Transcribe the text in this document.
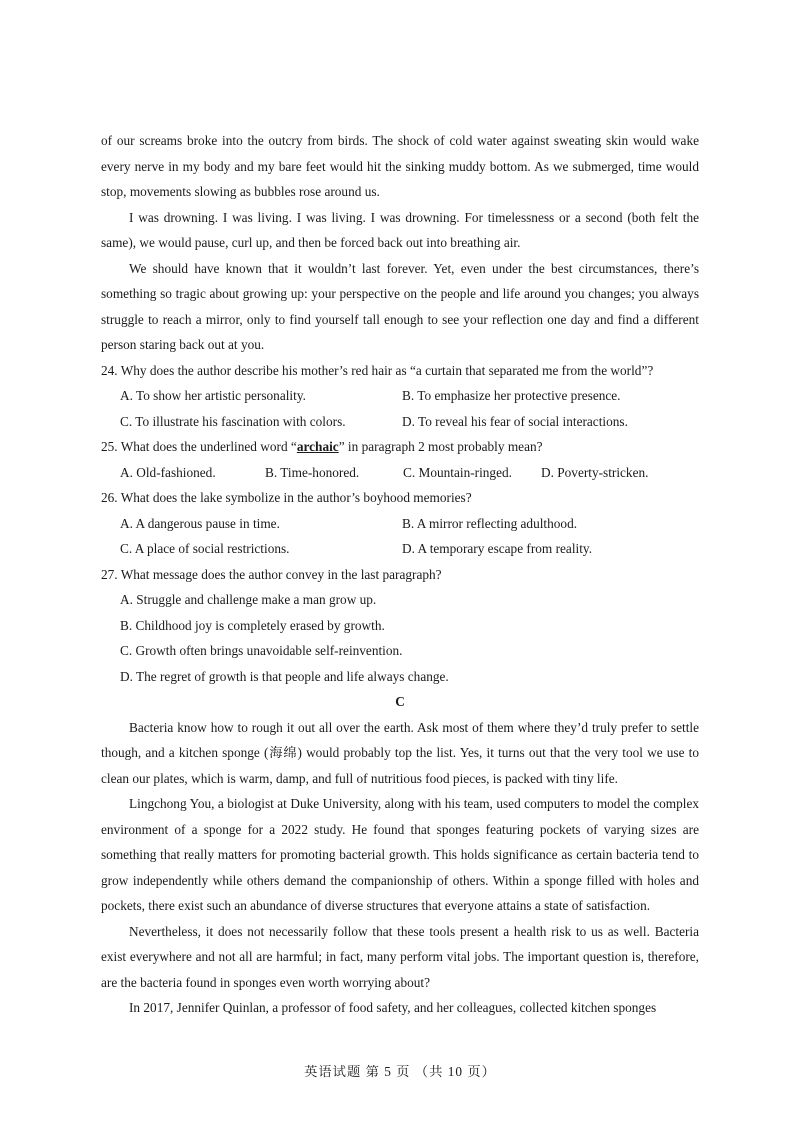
of our screams broke into the outcry from birds. The shock of cold water against sweating skin would wake every nerve in my body and my bare feet would hit the sinking muddy bottom. As we submerged, time would stop, movements slowing as bubbles rose around us.

I was drowning. I was living. I was living. I was drowning. For timelessness or a second (both felt the same), we would pause, curl up, and then be forced back out into breathing air.

We should have known that it wouldn’t last forever. Yet, even under the best circumstances, there’s something so tragic about growing up: your perspective on the people and life around you changes; you always struggle to reach a mirror, only to find yourself tall enough to see your reflection one day and find a different person staring back out at you.

24. Why does the author describe his mother’s red hair as “a curtain that separated me from the world”?
A. To show her artistic personality.	B. To emphasize her protective presence.
C. To illustrate his fascination with colors.	D. To reveal his fear of social interactions.
25. What does the underlined word “archaic” in paragraph 2 most probably mean?
A. Old-fashioned.	B. Time-honored.	C. Mountain-ringed.	D. Poverty-stricken.
26. What does the lake symbolize in the author’s boyhood memories?
A. A dangerous pause in time.	B. A mirror reflecting adulthood.
C. A place of social restrictions.	D. A temporary escape from reality.
27. What message does the author convey in the last paragraph?
A. Struggle and challenge make a man grow up.
B. Childhood joy is completely erased by growth.
C. Growth often brings unavoidable self-reinvention.
D. The regret of growth is that people and life always change.
C

Bacteria know how to rough it out all over the earth. Ask most of them where they’d truly prefer to settle though, and a kitchen sponge (海绵) would probably top the list. Yes, it turns out that the very tool we use to clean our plates, which is warm, damp, and full of nutritious food pieces, is packed with tiny life.

Lingchong You, a biologist at Duke University, along with his team, used computers to model the complex environment of a sponge for a 2022 study. He found that sponges featuring pockets of varying sizes are something that really matters for promoting bacterial growth. This holds significance as certain bacteria tend to grow independently while others demand the companionship of others. Within a sponge filled with holes and pockets, there exist such an abundance of diverse structures that everyone attains a state of satisfaction.

Nevertheless, it does not necessarily follow that these tools present a health risk to us as well. Bacteria exist everywhere and not all are harmful; in fact, many perform vital jobs. The important question is, therefore, are the bacteria found in sponges even worth worrying about?

In 2017, Jennifer Quinlan, a professor of food safety, and her colleagues, collected kitchen sponges

英语试题 第 5 页 （共 10 页）
